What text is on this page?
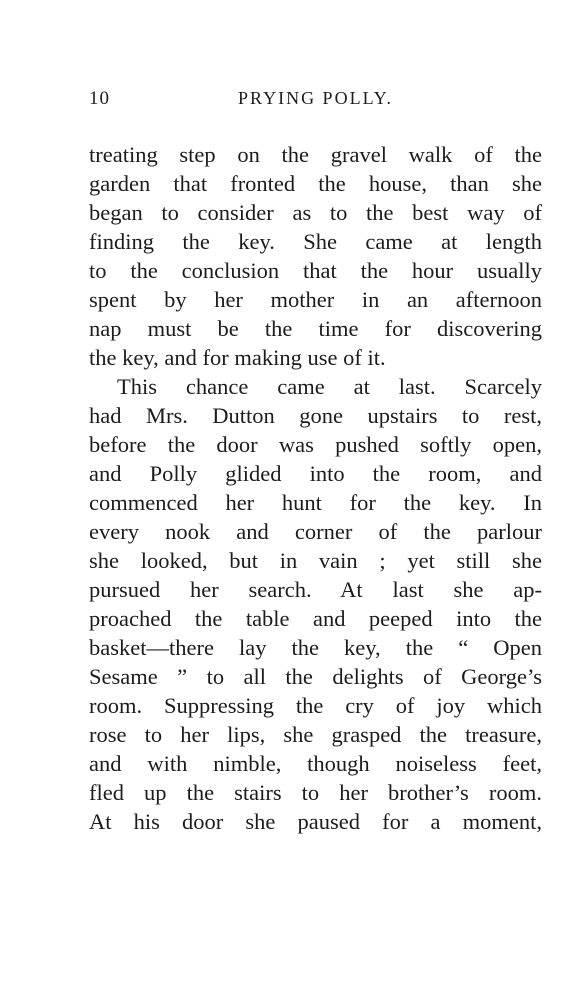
10	PRYING POLLY.
treating step on the gravel walk of the
garden that fronted the house, than she
began to consider as to the best way of
finding the key. She came at length
to the conclusion that the hour usually
spent by her mother in an afternoon
nap must be the time for discovering
the key, and for making use of it.
This chance came at last. Scarcely
had Mrs. Dutton gone upstairs to rest,
before the door was pushed softly open,
and Polly glided into the room, and
commenced her hunt for the key. In
every nook and corner of the parlour
she looked, but in vain ; yet still she
pursued her search. At last she ap-
proached the table and peeped into the
basket—there lay the key, the “ Open
Sesame ” to all the delights of George’s
room. Suppressing the cry of joy which
rose to her lips, she grasped the treasure,
and with nimble, though noiseless feet,
fled up the stairs to her brother’s room.
At his door she paused for a moment,
